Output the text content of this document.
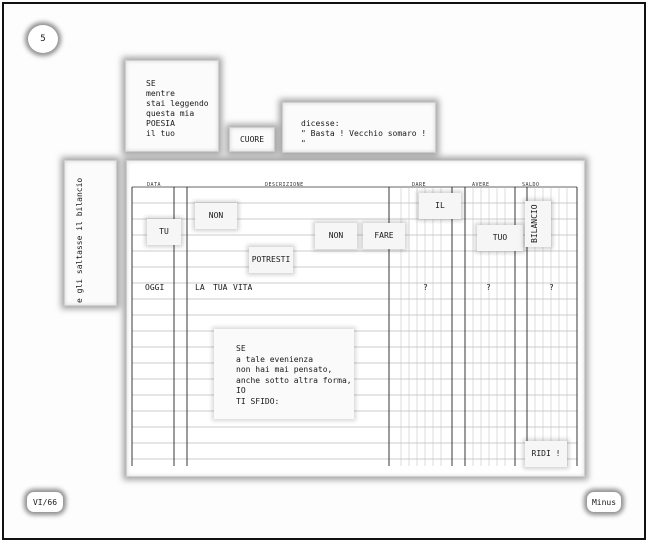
5
SE
mentre
stai leggendo
questa mia
POESIA
il tuo
CUORE
dicesse:
" Basta ! Vecchio somaro ! "
e gli saltasse il bilancio	DATA	DESCRIZIONE	DARE	AVERE	SALDO
TU
NON
POTRESTI
NON	FARE
IL
TUO	BILANCIO
OGGI	LA TUA VITA	?	?	?
SE
a tale evenienza
non hai mai pensato,
anche sotto altra forma,
IO
TI SFIDO:
RIDI !
VI/66	Minus
